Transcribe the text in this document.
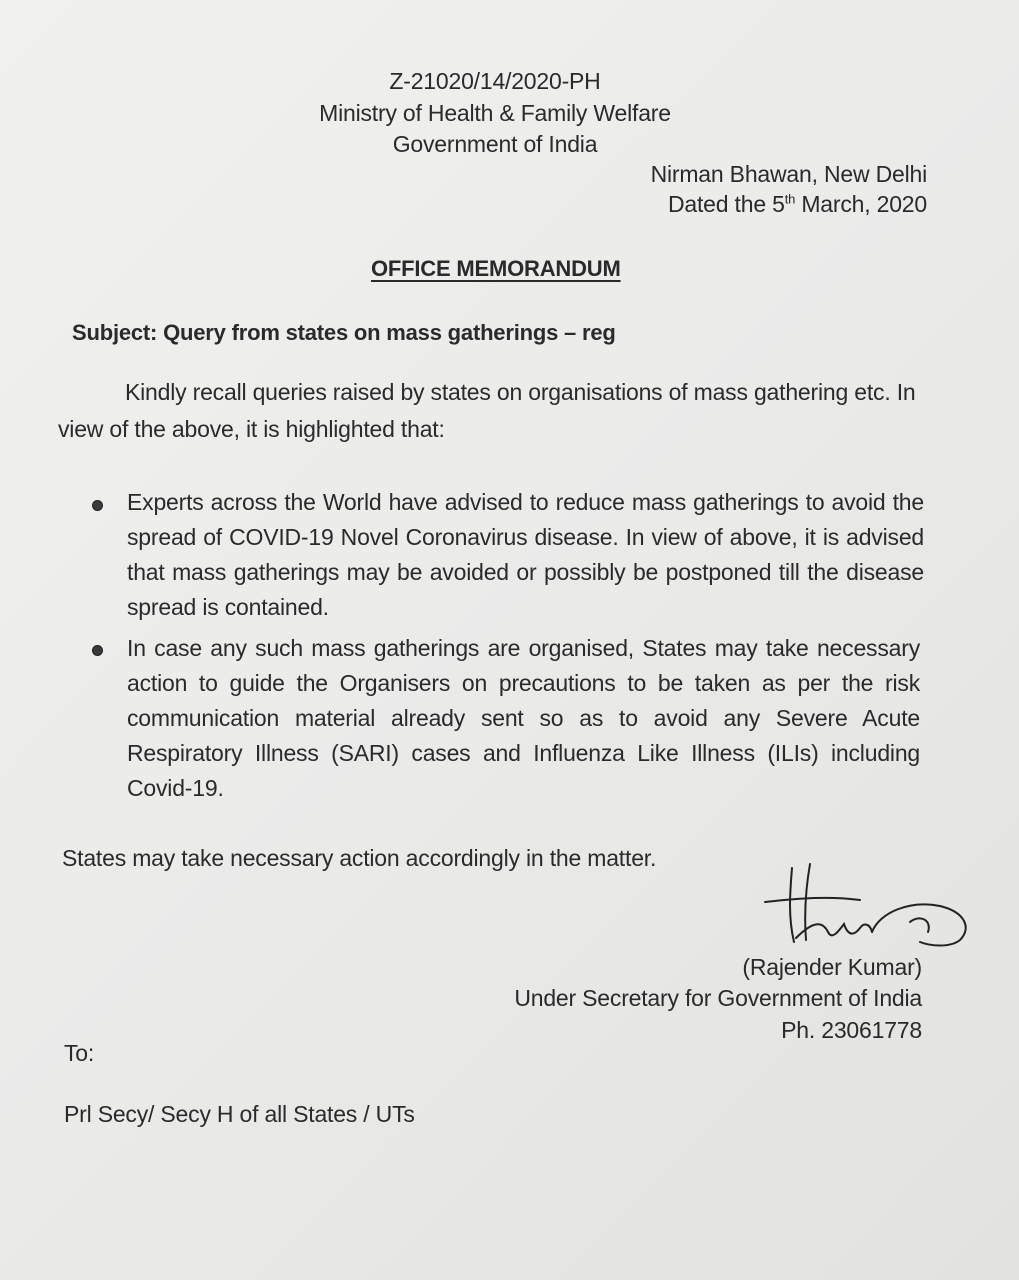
Z-21020/14/2020-PH
Ministry of Health & Family Welfare
Government of India
Nirman Bhawan, New Delhi
Dated the 5th March, 2020
OFFICE MEMORANDUM
Subject: Query from states on mass gatherings – reg
Kindly recall queries raised by states on organisations of mass gathering etc. In
view of the above, it is highlighted that:
Experts across the World have advised to reduce mass gatherings to avoid the spread of COVID-19 Novel Coronavirus disease. In view of above, it is advised that mass gatherings may be avoided or possibly be postponed till the disease spread is contained.
In case any such mass gatherings are organised, States may take necessary action to guide the Organisers on precautions to be taken as per the risk communication material already sent so as to avoid any Severe Acute Respiratory Illness (SARI) cases and Influenza Like Illness (ILIs) including Covid-19.
States may take necessary action accordingly in the matter.
(Rajender Kumar)
Under Secretary for Government of India
Ph. 23061778
To:
Prl Secy/ Secy H of all States / UTs
